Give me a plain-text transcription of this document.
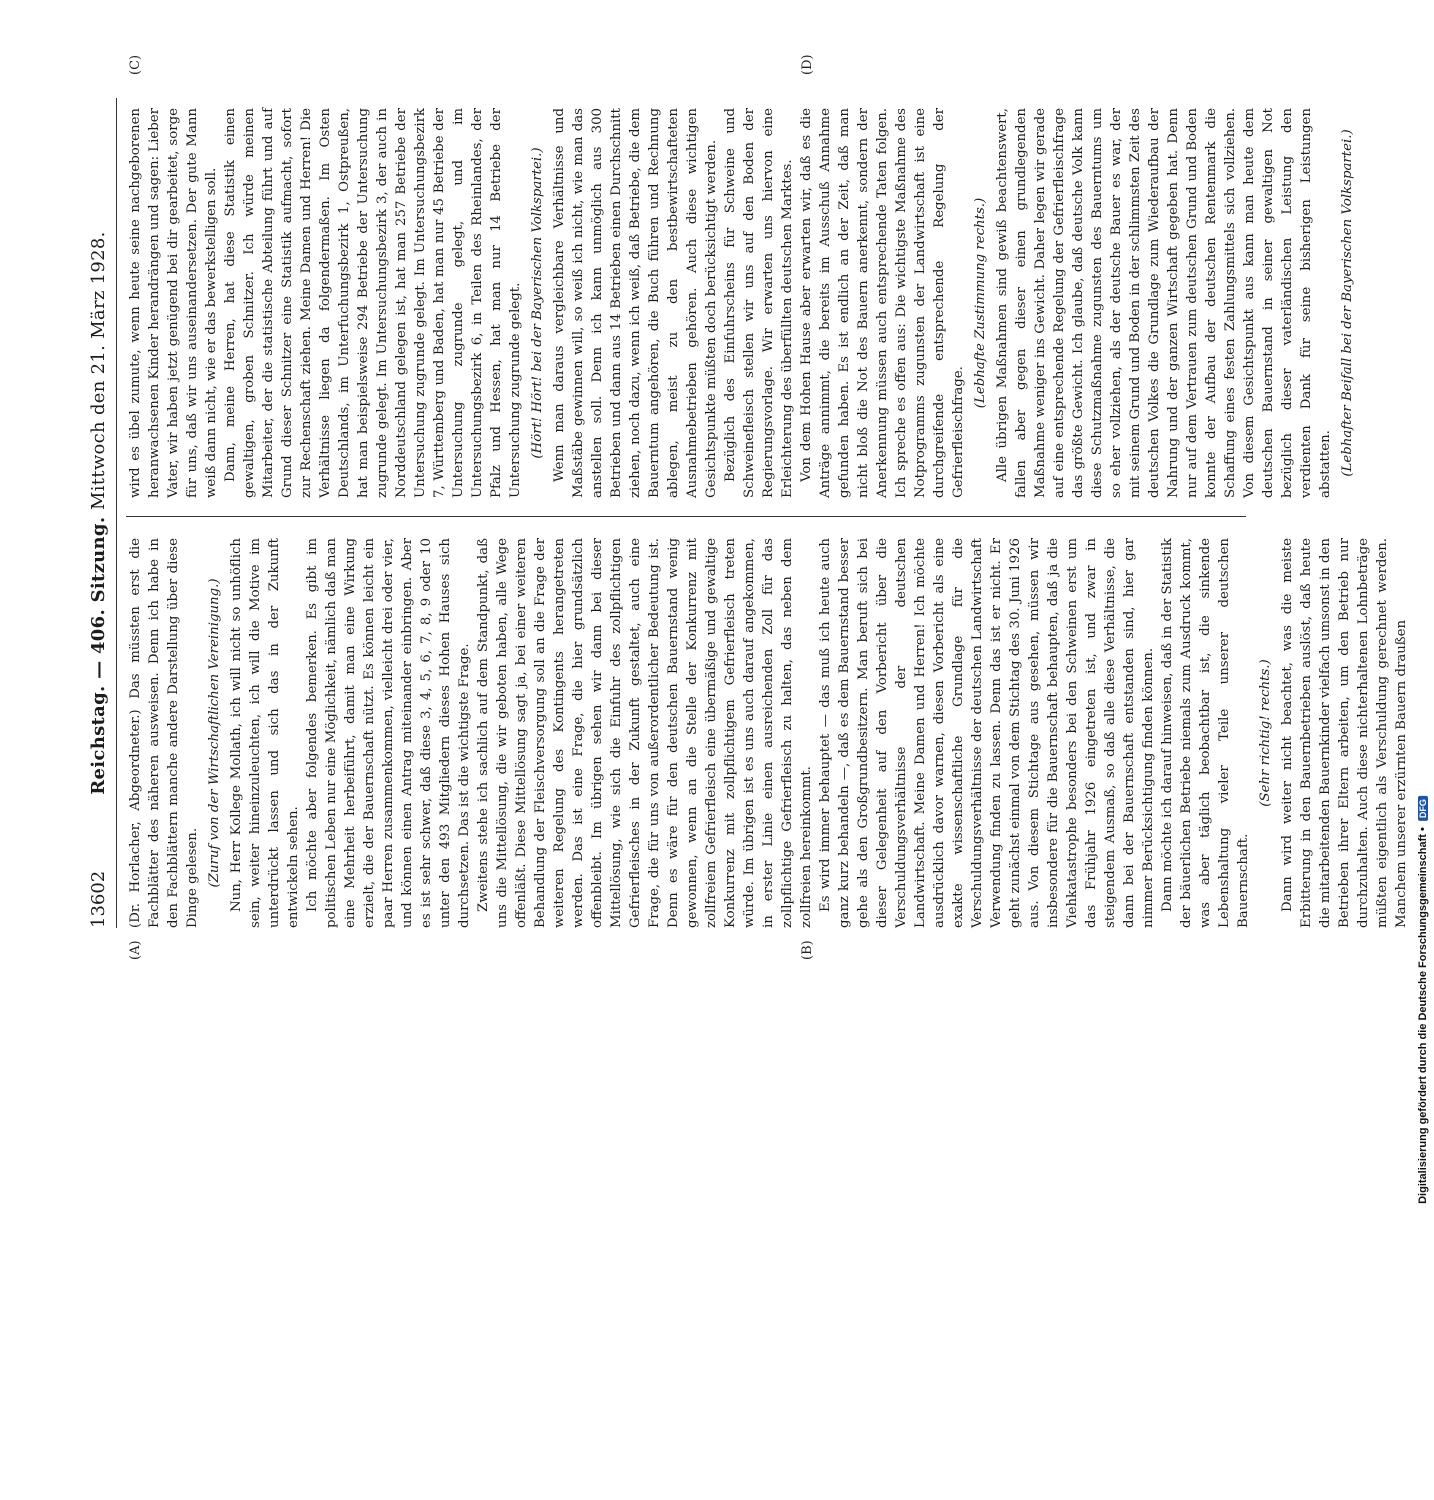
13602
Reichstag. — 406. Sitzung. Mittwoch den 21. März 1928.

(Dr. Horlacher, Abgeordneter.) Das müssten erst die Fachblätter des näheren ausweisen. Denn ich habe in den Fachblättern manche andere Darstellung über diese Dinge gelesen. (Zuruf von der Wirtschaftlichen Vereinigung.) Nun, Herr Kollege Mollath, ich will nicht so unhöflich sein, weiter hineinzuleuchten, ich will die Motive im unterdrückt lassen und sich das in der Zukunft entwickeln sehen. Ich möchte aber folgendes bemerken. Es gibt im politischen Leben nur eine Möglichkeit, nämlich daß man eine Mehrheit herbeiführt, damit man eine Wirkung erzielt, die der Bauernschaft nützt. Es können leicht ein paar Herren zusammenkommen, vielleicht drei oder vier, und können einen Antrag miteinander einbringen. Aber es ist sehr schwer, daß diese 3, 4, 5, 6, 7, 8, 9 oder 10 unter den 493 Mitgliedern dieses Hohen Hauses sich durchsetzen. Das ist die wichtigste Frage. Zweitens stehe ich sachlich auf dem Standpunkt, daß uns die Mittellösung, die wir geboten haben, alle Wege offenläßt. Diese Mittellösung sagt ja, bei einer weiteren Behandlung der Fleischversorgung soll an die Frage der weiteren Regelung des Kontingents herangetreten werden. Das ist eine Frage, die hier grundsätzlich offenbleibt. Im übrigen sehen wir dann bei dieser Mittellösung, wie sich die Einfuhr des zollpflichtigen Gefrierfleisches in der Zukunft gestaltet, auch eine Frage, die für uns von außerordentlicher Bedeutung ist. Denn es wäre für den deutschen Bauernstand wenig gewonnen, wenn an die Stelle der Konkurrenz mit zollfreiem Gefrierfleisch eine übermäßige und gewaltige Konkurrenz mit zollpflichtigem Gefrierfleisch treten würde. Im übrigen ist es uns auch darauf angekommen, in erster Linie einen ausreichenden Zoll für das zollpflichtige Gefrierfleisch zu halten, das neben dem zollfreien hereinkommt. Es wird immer behauptet — das muß ich heute auch ganz kurz behandeln —, daß es dem Bauernstand besser gehe als den Großgrundbesitzern. Man beruft sich bei dieser Gelegenheit auf den Vorbericht über die Verschuldungsverhältnisse der deutschen Landwirtschaft. Meine Damen und Herren! Ich möchte ausdrücklich davor warnen, diesen Vorbericht als eine exakte wissenschaftliche Grundlage für die Verschuldungsverhältnisse der deutschen Landwirtschaft Verwendung finden zu lassen. Denn das ist er nicht. Er geht zunächst einmal von dem Stichtag des 30. Juni 1926 aus. Von diesem Stichtage aus gesehen, müssen wir insbesondere für die Bauernschaft behaupten, daß ja die Viehkatastrophe besonders bei den Schweinen erst um das Frühjahr 1926 eingetreten ist, und zwar in steigendem Ausmaß, so daß alle diese Verhältnisse, die dann bei der Bauernschaft entstanden sind, hier gar nimmer Berücksichtigung finden können. Dann möchte ich darauf hinweisen, daß in der Statistik der bäuerlichen Betriebe niemals zum Ausdruck kommt, was aber täglich beobachtbar ist, die sinkende Lebenshaltung vieler Teile unserer deutschen Bauernschaft.

(Sehr richtig! rechts.) Dann wird weiter nicht beachtet, was die meiste Erbitterung in den Bauernbetrieben auslöst, daß heute die mitarbeitenden Bauernkinder vielfach umsonst in den Betrieben ihrer Eltern arbeiten, um den Betrieb nur durchzuhalten. Auch diese nichterhaltenen Lohnbeträge müßten eigentlich als Verschuldung gerechnet werden. Manchem unserer erzürnten Bauern draußen

wird es übel zumute, wenn heute seine nachgeborenen heranwachsenen Kinder herandrängen und sagen: Lieber Vater, wir haben jetzt genügend bei dir gearbeitet, sorge für uns, daß wir uns auseinandersetzen. Der gute Mann weiß dann nicht, wie er das bewerkstelligen soll. Dann, meine Herren, hat diese Statistik einen gewaltigen, groben Schnitzer. Ich würde meinen Mitarbeiter, der die statistische Abteilung führt und auf Grund dieser Schnitzer eine Statistik aufmacht, sofort zur Rechenschaft ziehen. Meine Damen und Herren! Die Verhältnisse liegen da folgendermaßen. Im Osten Deutschlands, im Unterfuchungsbezirk 1, Ostpreußen, hat man beispielsweise 294 Betriebe der Untersuchung zugrunde gelegt. Im Untersuchungsbezirk 3, der auch in Norddeutschland gelegen ist, hat man 257 Betriebe der Untersuchung zugrunde gelegt. Im Untersuchungsbezirk 7, Württemberg und Baden, hat man nur 45 Betriebe der Untersuchung zugrunde gelegt, und im Untersuchungsbezirk 6, in Teilen des Rheinlandes, der Pfalz und Hessen, hat man nur 14 Betriebe der Untersuchung zugrunde gelegt. (Hört! Hört! bei der Bayerischen Volkspartei.) Wenn man daraus vergleichbare Verhältnisse und Maßstäbe gewinnen will, so weiß ich nicht, wie man das anstellen soll. Denn ich kann unmöglich aus 300 Betrieben und dann aus 14 Betrieben einen Durchschnitt ziehen, noch dazu, wenn ich weiß, daß Betriebe, die dem Bauerntum angehören, die Buch führen und Rechnung ablegen, meist zu den bestbewirtschafteten Ausnahmebetrieben gehören. Auch diese wichtigen Gesichtspunkte müßten doch berücksichtigt werden. Bezüglich des Einfuhrscheins für Schweine und Schweinefleisch stellen wir uns auf den Boden der Regierungsvorlage. Wir erwarten uns hiervon eine Erleichterung des überfüllten deutschen Marktes. Von dem Hohen Hause aber erwarten wir, daß es die Anträge annimmt, die bereits im Ausschuß Annahme gefunden haben. Es ist endlich an der Zeit, daß man nicht bloß die Not des Bauern anerkennt, sondern der Anerkennung müssen auch entsprechende Taten folgen. Ich spreche es offen aus: Die wichtigste Maßnahme des Notprogramms zugunsten der Landwirtschaft ist eine durchgreifende entsprechende Regelung der Gefrierfleischfrage.

(Lebhafte Zustimmung rechts.) Alle übrigen Maßnahmen sind gewiß beachtenswert, fallen aber gegen dieser einen grundlegenden Maßnahme weniger ins Gewicht. Daher legen wir gerade auf eine entsprechende Regelung der Gefrierfleischfrage das größte Gewicht. Ich glaube, daß deutsche Volk kann diese Schutzmaßnahme zugunsten des Bauerntums um so eher vollziehen, als der deutsche Bauer es war, der mit seinem Grund und Boden in der schlimmsten Zeit des deutschen Volkes die Grundlage zum Wiederaufbau der Nahrung und der ganzen Wirtschaft gegeben hat. Denn nur auf dem Vertrauen zum deutschen Grund und Boden konnte der Aufbau der deutschen Rentenmark die Schaffung eines festen Zahlungsmittels sich vollziehen. Von diesem Gesichtspunkt aus kann man heute dem deutschen Bauernstand in seiner gewaltigen Not bezüglich dieser vaterländischen Leistung den verdienten Dank für seine bisherigen Leistungen abstatten. (Lebhafter Beifall bei der Bayerischen Volkspartei.)

(A)	(B)
(C)	(D)
Digitalisierung gefördert durch die Deutsche Forschungsgemeinschaft • DFG
